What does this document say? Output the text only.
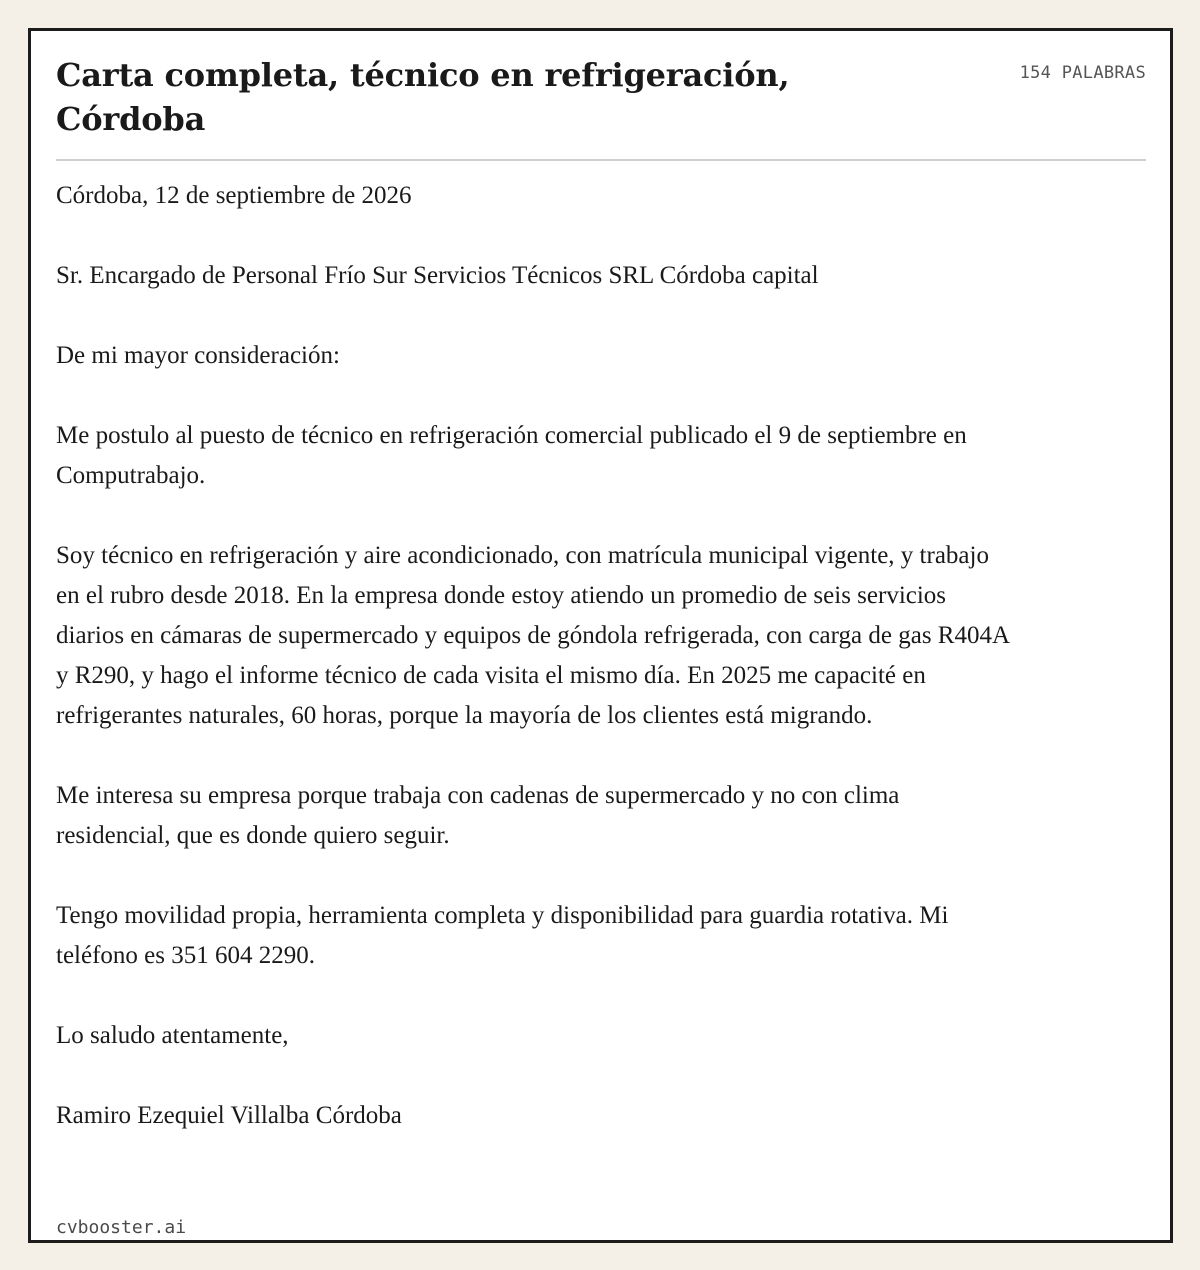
Carta completa, técnico en refrigeración, Córdoba
154 PALABRAS

Córdoba, 12 de septiembre de 2026

Sr. Encargado de Personal Frío Sur Servicios Técnicos SRL Córdoba capital

De mi mayor consideración:

Me postulo al puesto de técnico en refrigeración comercial publicado el 9 de septiembre en Computrabajo.

Soy técnico en refrigeración y aire acondicionado, con matrícula municipal vigente, y trabajo en el rubro desde 2018. En la empresa donde estoy atiendo un promedio de seis servicios diarios en cámaras de supermercado y equipos de góndola refrigerada, con carga de gas R404A y R290, y hago el informe técnico de cada visita el mismo día. En 2025 me capacité en refrigerantes naturales, 60 horas, porque la mayoría de los clientes está migrando.

Me interesa su empresa porque trabaja con cadenas de supermercado y no con clima residencial, que es donde quiero seguir.

Tengo movilidad propia, herramienta completa y disponibilidad para guardia rotativa. Mi teléfono es 351 604 2290.

Lo saludo atentamente,

Ramiro Ezequiel Villalba Córdoba

cvbooster.ai
